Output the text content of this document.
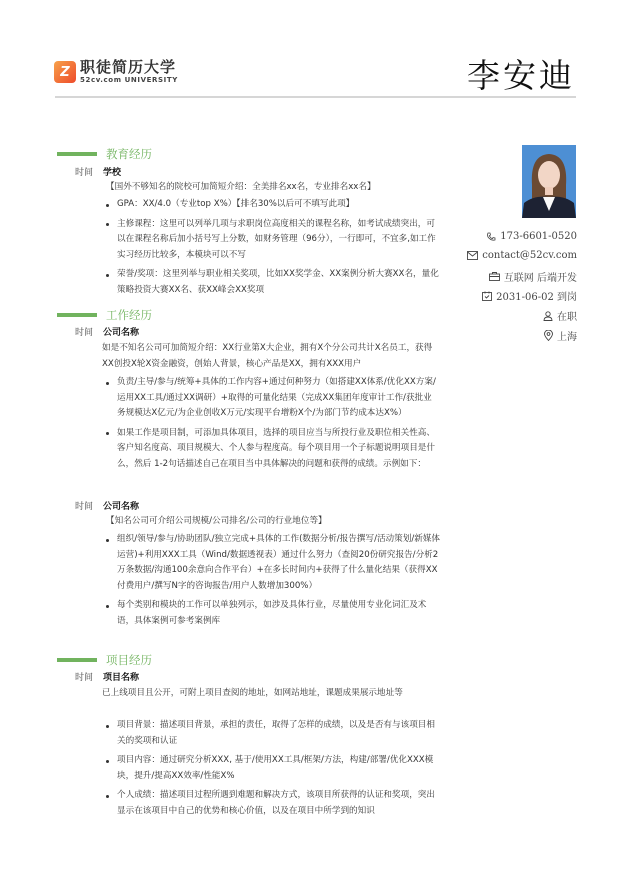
Z 职徒简历大学
52cv.com UNIVERSITY	李安迪
173-6601-0520
contact@52cv.com
互联网 后端开发
2031-06-02 到岗
在职
上海
教育经历
时间	学校
【国外不够知名的院校可加简短介绍：全美排名xx名，专业排名xx名】
GPA：XX/4.0（专业top X%）【排名30%以后可不填写此项】
主修课程：这里可以列举几项与求职岗位高度相关的课程名称，如考试成绩突出，可以在课程名称后加小括号写上分数，如财务管理（96分），一行即可，不宜多,如工作实习经历比较多，本模块可以不写
荣誉/奖项：这里列举与职业相关奖项，比如XX奖学金、XX案例分析大赛XX名，量化策略投资大赛XX名、获XX峰会XX奖项
工作经历
时间	公司名称
如是不知名公司可加简短介绍：XX行业第X大企业，拥有X个分公司共计X名员工，获得XX创投X轮X资金融资，创始人背景，核心产品是XX，拥有XXX用户
负责/主导/参与/统筹+具体的工作内容+通过何种努力（如搭建XX体系/优化XX方案/运用XX工具/通过XX调研）+取得的可量化结果（完成XX集团年度审计工作/获批业务规模达X亿元/为企业创收X万元/实现平台增粉X个/为部门节约成本达X%）
如果工作是项目制，可添加具体项目，选择的项目应当与所投行业及职位相关性高、客户知名度高、项目规模大、个人参与程度高。每个项目用一个子标题说明项目是什么，然后 1-2句话描述自己在项目当中具体解决的问题和获得的成绩。示例如下：
时间	公司名称
【知名公司可介绍公司规模/公司排名/公司的行业地位等】
组织/领导/参与/协助团队/独立完成+具体的工作(数据分析/报告撰写/活动策划/新媒体运营)+利用XXX工具（Wind/数据透视表）通过什么努力（查阅20份研究报告/分析2万条数据/沟通100余意向合作平台）+在多长时间内+获得了什么量化结果（获得XX付费用户/撰写N字的咨询报告/用户人数增加300%）
每个类别和模块的工作可以单独列示，如涉及具体行业，尽量使用专业化词汇及术语，具体案例可参考案例库
项目经历
时间	项目名称
已上线项目且公开，可附上项目查阅的地址，如网站地址，课题成果展示地址等
项目背景：描述项目背景，承担的责任，取得了怎样的成绩，以及是否有与该项目相关的奖项和认证
项目内容：通过研究分析XXX, 基于/使用XX工具/框架/方法，构建/部署/优化XXX模块，提升/提高XX效率/性能X%
个人成绩：描述项目过程所遇到难题和解决方式，该项目所获得的认证和奖项，突出显示在该项目中自己的优势和核心价值，以及在项目中所学到的知识
